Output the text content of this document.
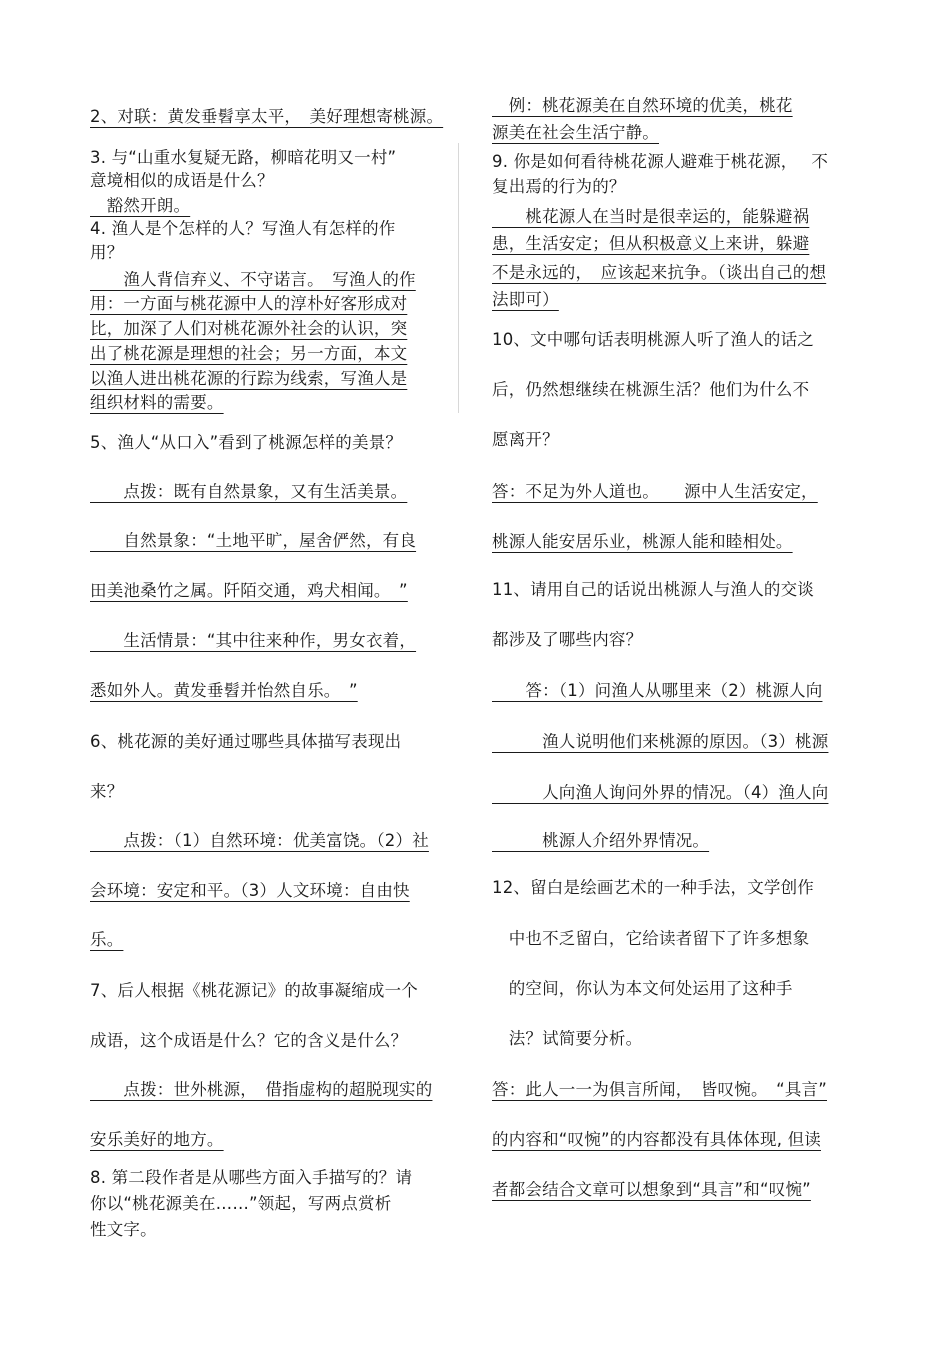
2、对联：黄发垂髫享太平，　美好理想寄桃源。
3. 与“山重水复疑无路，柳暗花明又一村”
意境相似的成语是什么？
　豁然开朗。
4. 渔人是个怎样的人？写渔人有怎样的作
用？
　　渔人背信弃义、不守诺言。　写渔人的作
用：一方面与桃花源中人的淳朴好客形成对
比，加深了人们对桃花源外社会的认识，突
出了桃花源是理想的社会；另一方面，本文
以渔人进出桃花源的行踪为线索，写渔人是
组织材料的需要。
5、渔人“从口入”看到了桃源怎样的美景？
　　点拨：既有自然景象，又有生活美景。
　　自然景象：“土地平旷，屋舍俨然，有良
田美池桑竹之属。阡陌交通，鸡犬相闻。　”
　　生活情景：“其中往来种作，男女衣着，
悉如外人。黄发垂髫并怡然自乐。　”
6、桃花源的美好通过哪些具体描写表现出
来？
　　点拨：（1）自然环境：优美富饶。（2）社
会环境：安定和平。（3）人文环境：自由快
乐。
7、后人根据《桃花源记》的故事凝缩成一个
成语，这个成语是什么？它的含义是什么？
　　点拨：世外桃源，　借指虚构的超脱现实的
安乐美好的地方。
8. 第二段作者是从哪些方面入手描写的？请
你以“桃花源美在……”领起，写两点赏析
性文字。
　例：桃花源美在自然环境的优美，桃花
源美在社会生活宁静。
9. 你是如何看待桃花源人避难于桃花源，　 不
复出焉的行为的？
　　桃花源人在当时是很幸运的，能躲避祸
患，生活安定；但从积极意义上来讲，躲避
不是永远的，　应该起来抗争。（谈出自己的想
法即可）
10、文中哪句话表明桃源人听了渔人的话之
后，仍然想继续在桃源生活？他们为什么不
愿离开？
答：不足为外人道也。　　源中人生活安定，
桃源人能安居乐业，桃源人能和睦相处。
11、请用自己的话说出桃源人与渔人的交谈
都涉及了哪些内容？
　　答：（1）问渔人从哪里来（2）桃源人向
　　　渔人说明他们来桃源的原因。（3）桃源
　　　人向渔人询问外界的情况。（4）渔人向
　　　桃源人介绍外界情况。
12、留白是绘画艺术的一种手法，文学创作
　中也不乏留白，它给读者留下了许多想象
　的空间，你认为本文何处运用了这种手
　法？试简要分析。
答：此人一一为俱言所闻，　皆叹惋。　“具言”
的内容和“叹惋”的内容都没有具体体现, 但读
者都会结合文章可以想象到“具言”和“叹惋”
